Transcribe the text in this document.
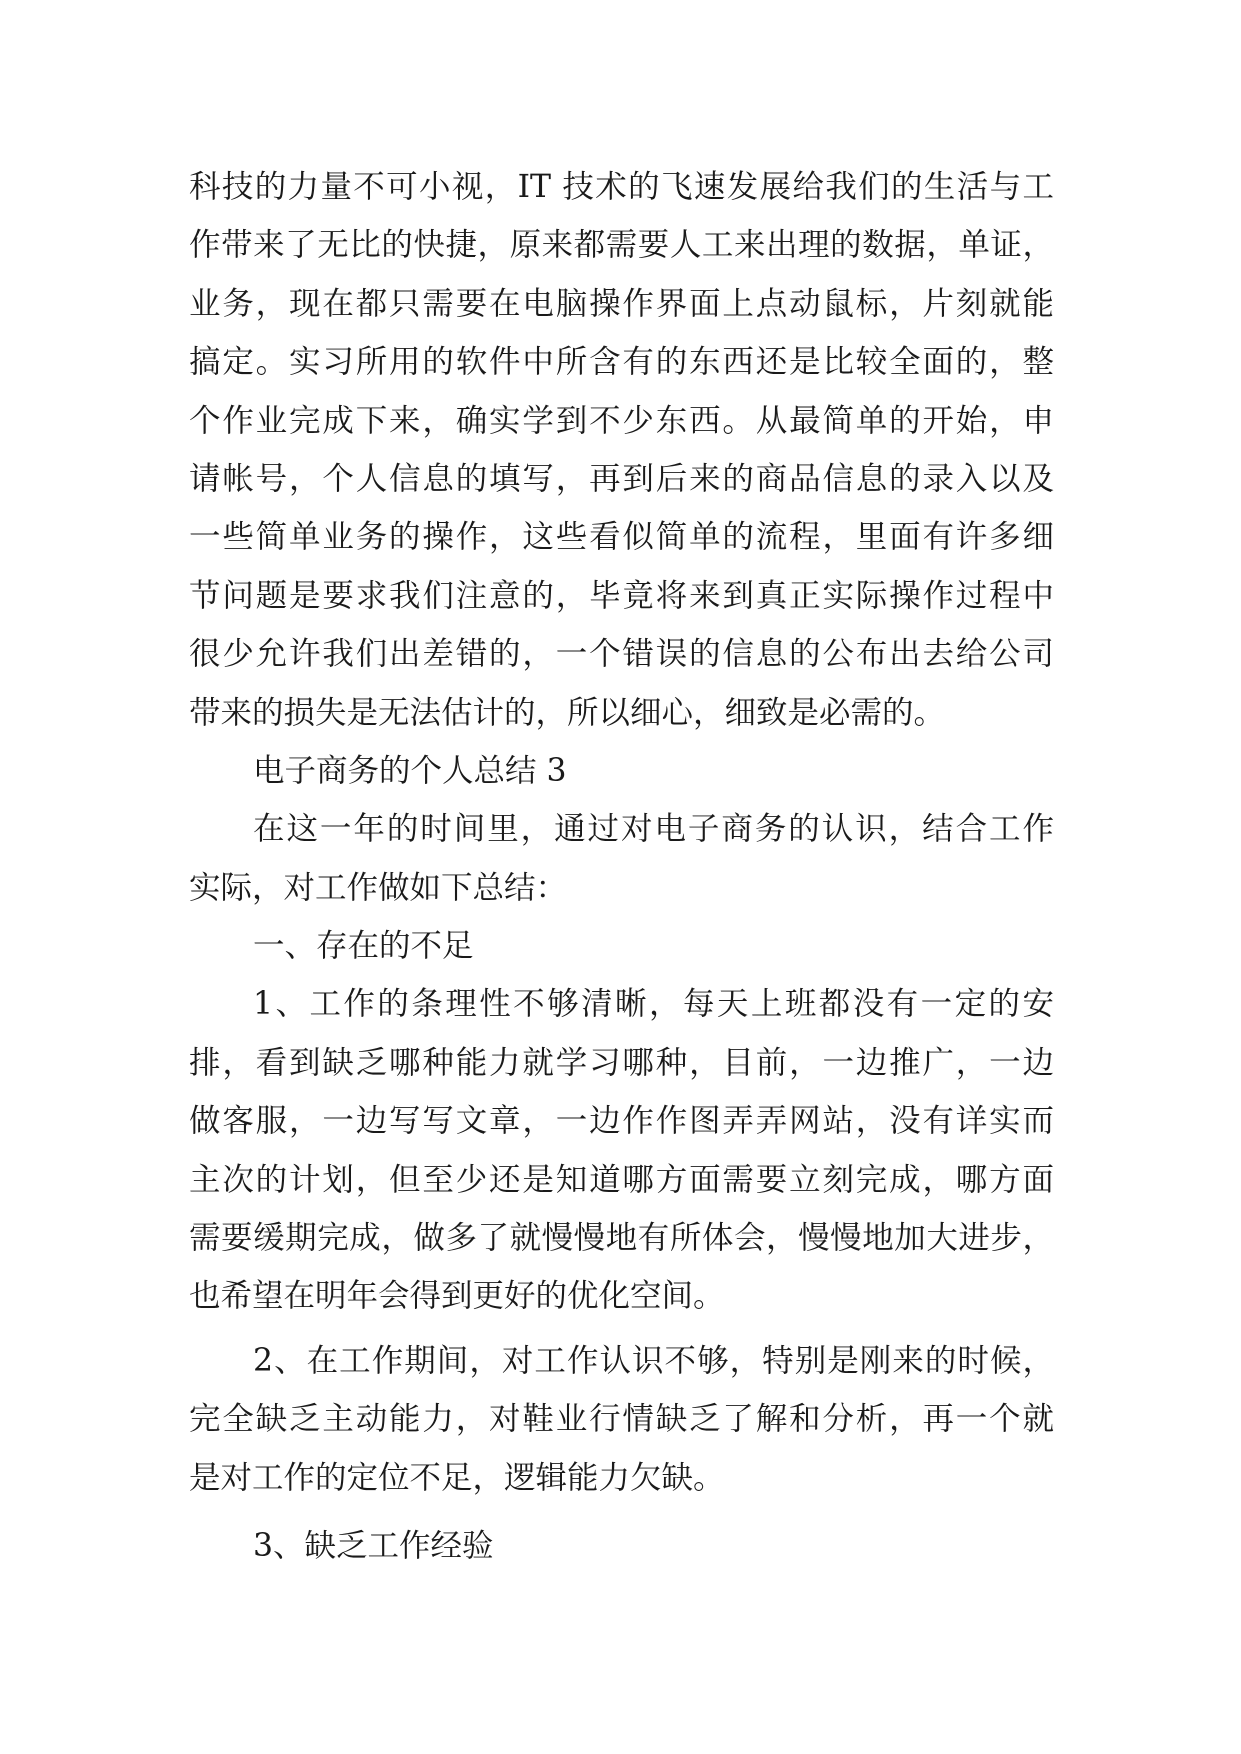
科技的力量不可小视，IT 技术的飞速发展给我们的生活与工

作带来了无比的快捷，原来都需要人工来出理的数据，单证，

业务，现在都只需要在电脑操作界面上点动鼠标，片刻就能

搞定。实习所用的软件中所含有的东西还是比较全面的，整

个作业完成下来，确实学到不少东西。从最简单的开始，申

请帐号，个人信息的填写，再到后来的商品信息的录入以及

一些简单业务的操作，这些看似简单的流程，里面有许多细

节问题是要求我们注意的，毕竟将来到真正实际操作过程中

很少允许我们出差错的，一个错误的信息的公布出去给公司

带来的损失是无法估计的，所以细心，细致是必需的。

电子商务的个人总结 3

在这一年的时间里，通过对电子商务的认识，结合工作

实际，对工作做如下总结：

一、存在的不足

1、工作的条理性不够清晰，每天上班都没有一定的安

排，看到缺乏哪种能力就学习哪种，目前，一边推广，一边

做客服，一边写写文章，一边作作图弄弄网站，没有详实而

主次的计划，但至少还是知道哪方面需要立刻完成，哪方面

需要缓期完成，做多了就慢慢地有所体会，慢慢地加大进步，

也希望在明年会得到更好的优化空间。

2、在工作期间，对工作认识不够，特别是刚来的时候，

完全缺乏主动能力，对鞋业行情缺乏了解和分析，再一个就

是对工作的定位不足，逻辑能力欠缺。

3、缺乏工作经验
